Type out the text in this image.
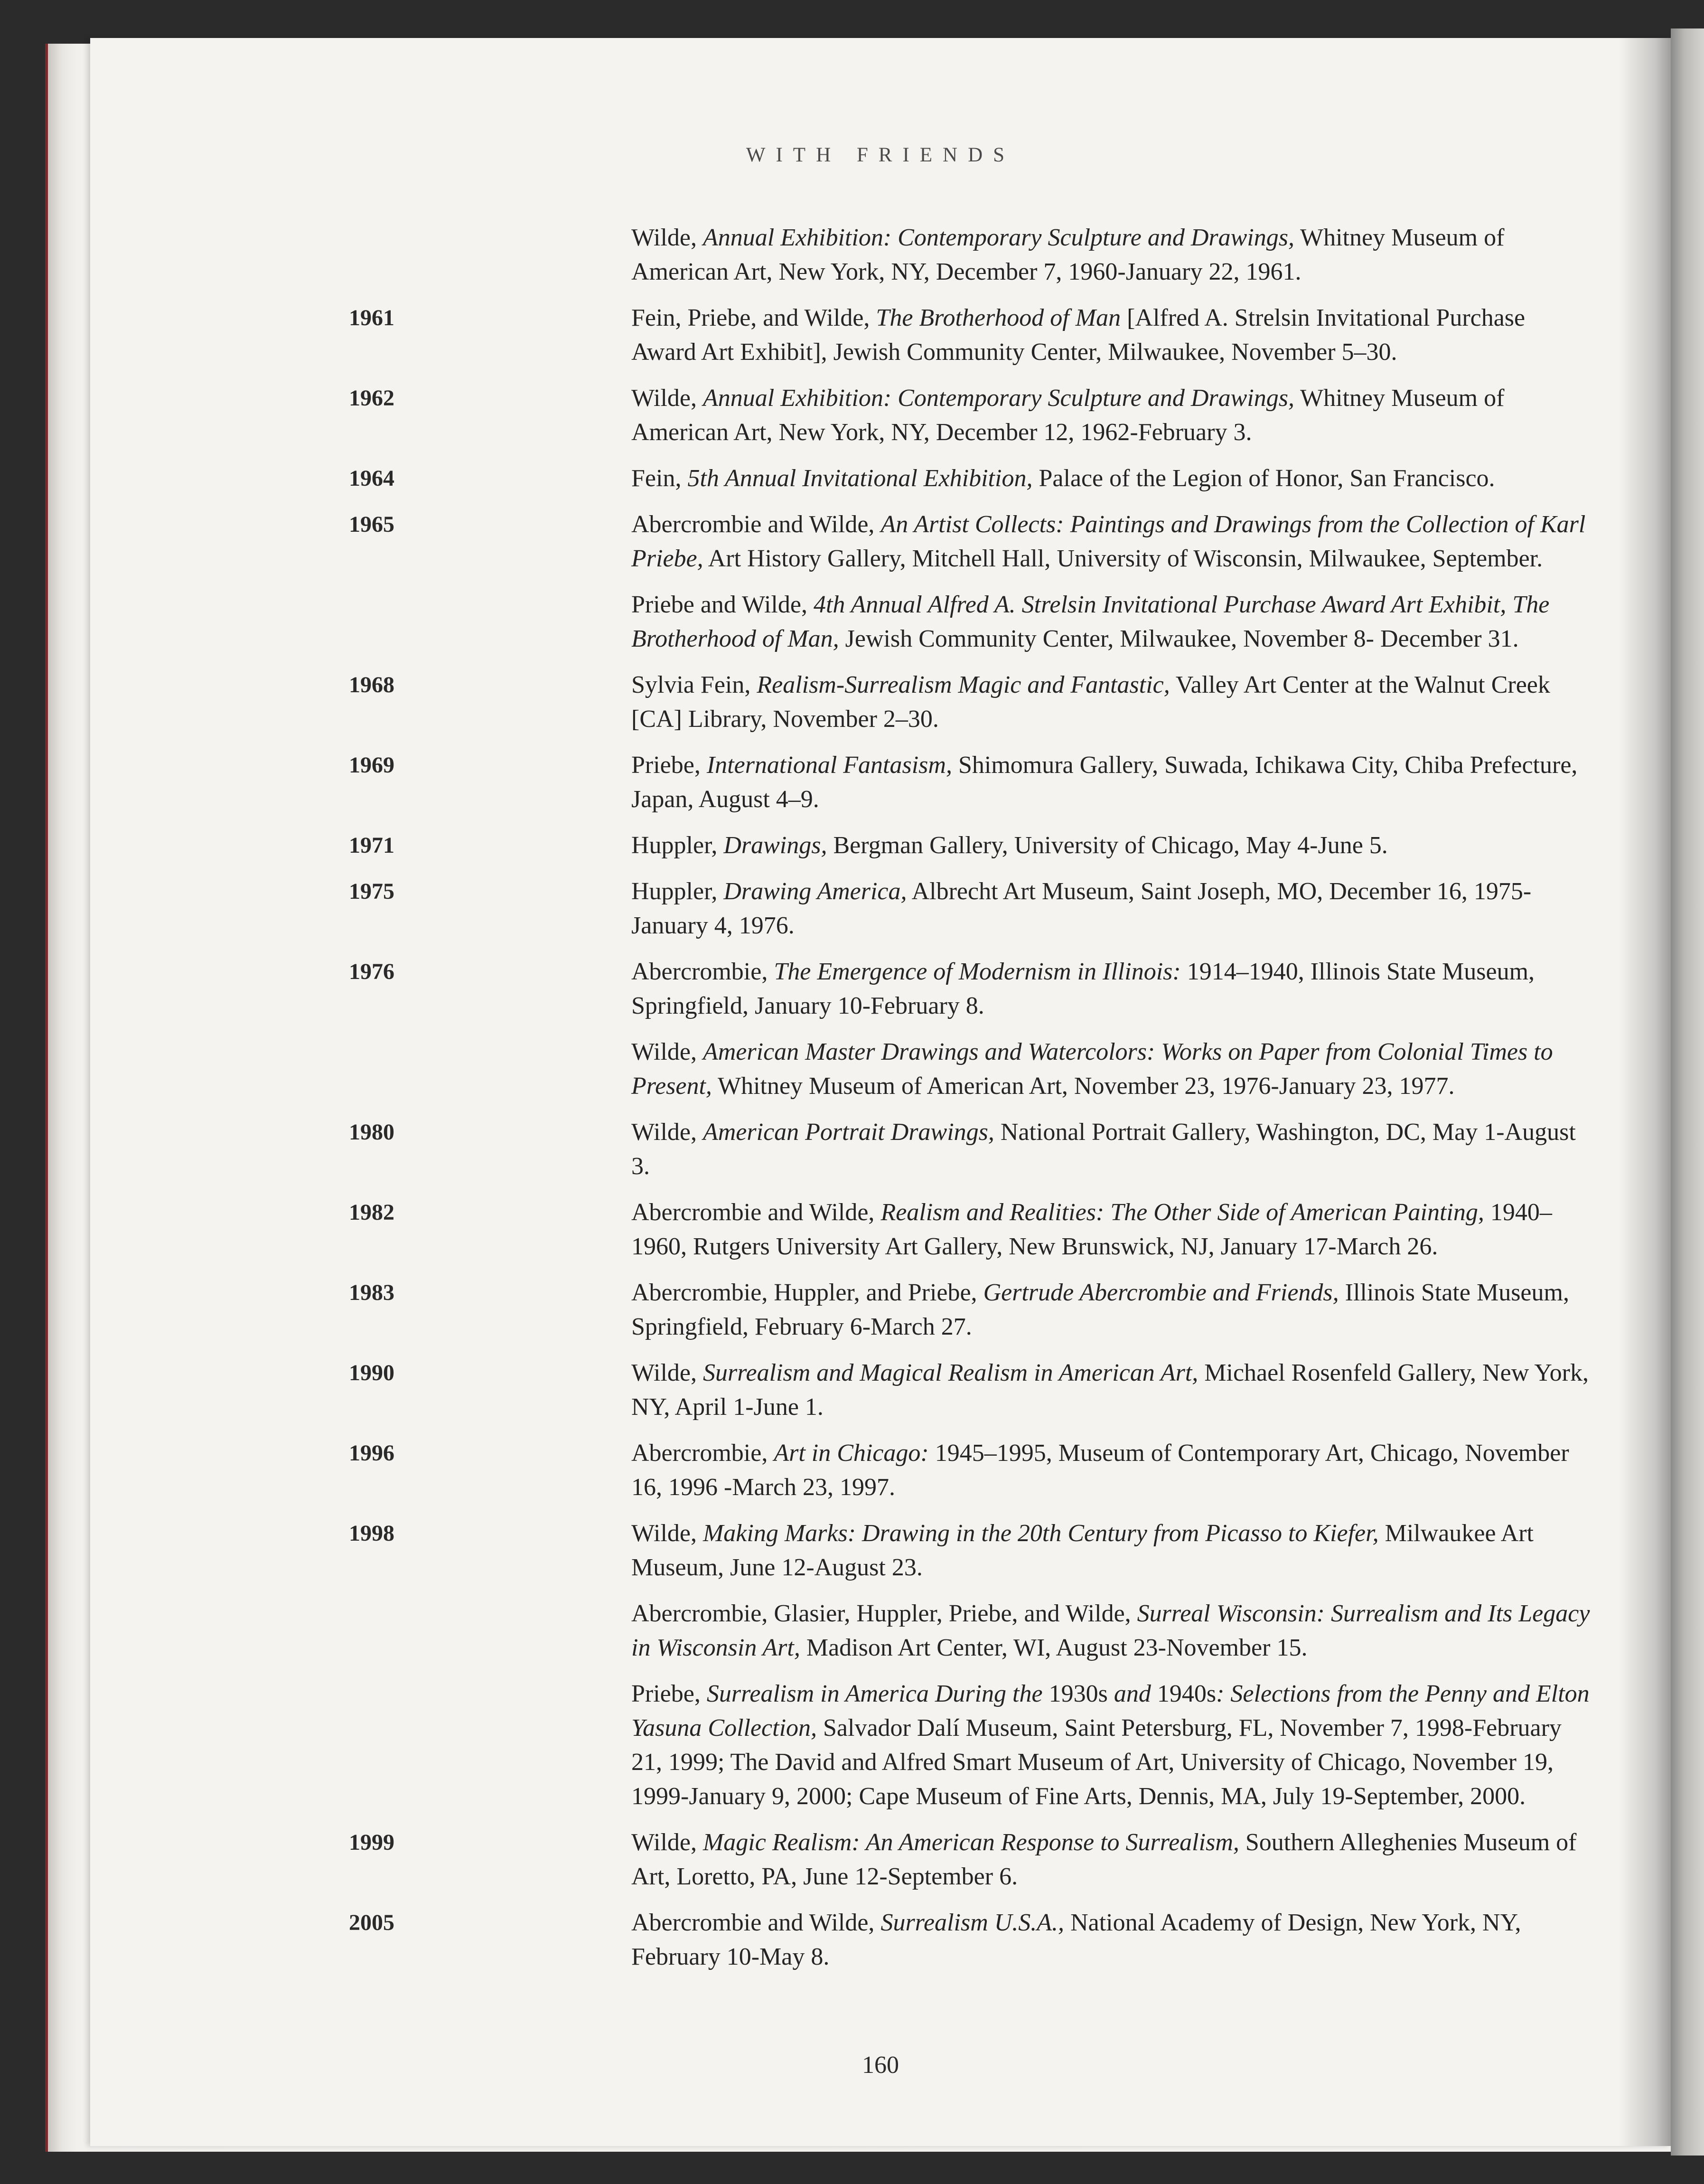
WITH FRIENDS
Wilde, Annual Exhibition: Contemporary Sculpture and Drawings, Whitney Museum of American Art, New York, NY, December 7, 1960-January 22, 1961.
1961	Fein, Priebe, and Wilde, The Brotherhood of Man [Alfred A. Strelsin Invitational Purchase Award Art Exhibit], Jewish Community Center, Milwaukee, November 5–30.
1962	Wilde, Annual Exhibition: Contemporary Sculpture and Drawings, Whitney Museum of American Art, New York, NY, December 12, 1962-February 3.
1964	Fein, 5th Annual Invitational Exhibition, Palace of the Legion of Honor, San Francisco.
1965	Abercrombie and Wilde, An Artist Collects: Paintings and Drawings from the Collection of Karl Priebe, Art History Gallery, Mitchell Hall, University of Wisconsin, Milwaukee, September.
Priebe and Wilde, 4th Annual Alfred A. Strelsin Invitational Purchase Award Art Exhibit, The Brotherhood of Man, Jewish Community Center, Milwaukee, November 8- December 31.
1968	Sylvia Fein, Realism-Surrealism Magic and Fantastic, Valley Art Center at the Walnut Creek [CA] Library, November 2–30.
1969	Priebe, International Fantasism, Shimomura Gallery, Suwada, Ichikawa City, Chiba Prefecture, Japan, August 4–9.
1971	Huppler, Drawings, Bergman Gallery, University of Chicago, May 4-June 5.
1975	Huppler, Drawing America, Albrecht Art Museum, Saint Joseph, MO, December 16, 1975-January 4, 1976.
1976	Abercrombie, The Emergence of Modernism in Illinois: 1914–1940, Illinois State Museum, Springfield, January 10-February 8.
Wilde, American Master Drawings and Watercolors: Works on Paper from Colonial Times to Present, Whitney Museum of American Art, November 23, 1976-January 23, 1977.
1980	Wilde, American Portrait Drawings, National Portrait Gallery, Washington, DC, May 1-August 3.
1982	Abercrombie and Wilde, Realism and Realities: The Other Side of American Painting, 1940–1960, Rutgers University Art Gallery, New Brunswick, NJ, January 17-March 26.
1983	Abercrombie, Huppler, and Priebe, Gertrude Abercrombie and Friends, Illinois State Museum, Springfield, February 6-March 27.
1990	Wilde, Surrealism and Magical Realism in American Art, Michael Rosenfeld Gallery, New York, NY, April 1-June 1.
1996	Abercrombie, Art in Chicago: 1945–1995, Museum of Contemporary Art, Chicago, November 16, 1996 -March 23, 1997.
1998	Wilde, Making Marks: Drawing in the 20th Century from Picasso to Kiefer, Milwaukee Art Museum, June 12-August 23.
Abercrombie, Glasier, Huppler, Priebe, and Wilde, Surreal Wisconsin: Surrealism and Its Legacy in Wisconsin Art, Madison Art Center, WI, August 23-November 15.
Priebe, Surrealism in America During the 1930s and 1940s: Selections from the Penny and Elton Yasuna Collection, Salvador Dalí Museum, Saint Petersburg, FL, November 7, 1998-February 21, 1999; The David and Alfred Smart Museum of Art, University of Chicago, November 19, 1999-January 9, 2000; Cape Museum of Fine Arts, Dennis, MA, July 19-September, 2000.
1999	Wilde, Magic Realism: An American Response to Surrealism, Southern Alleghenies Museum of Art, Loretto, PA, June 12-September 6.
2005	Abercrombie and Wilde, Surrealism U.S.A., National Academy of Design, New York, NY, February 10-May 8.
160
